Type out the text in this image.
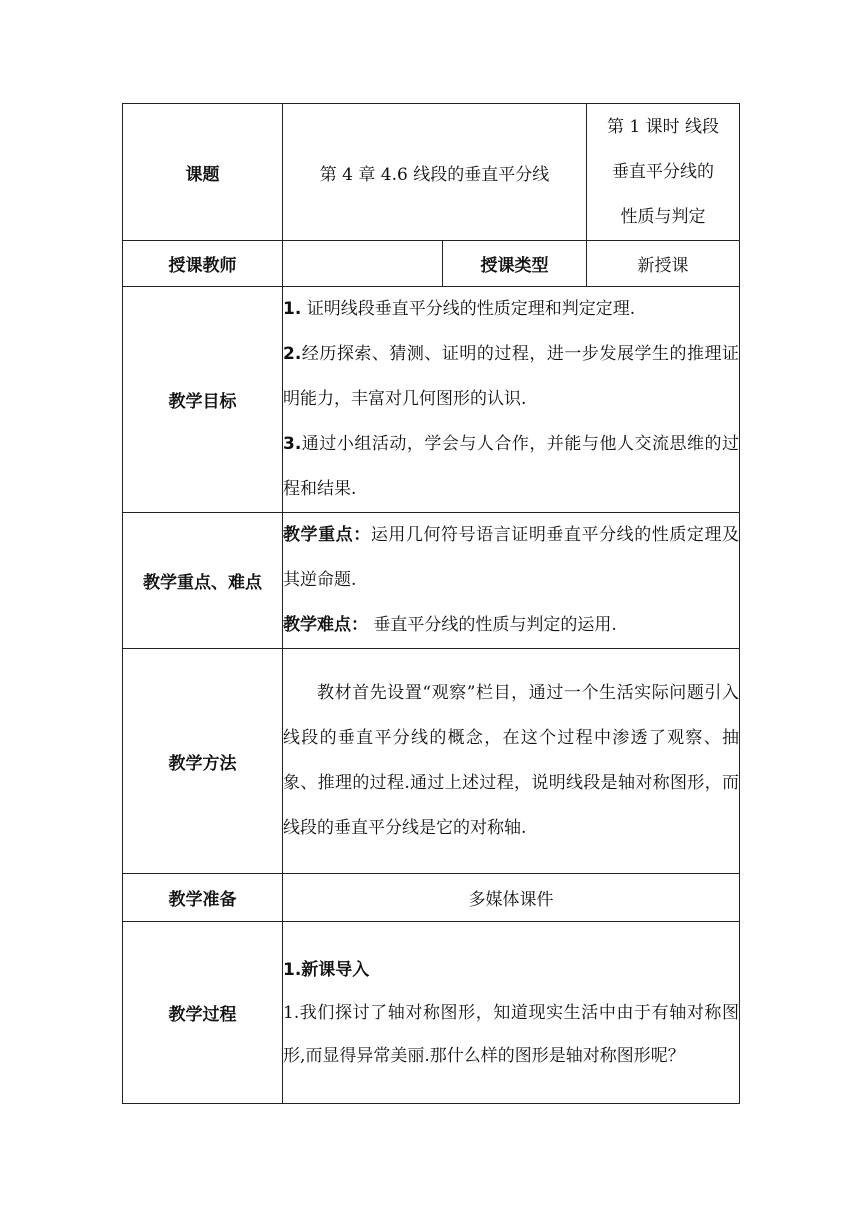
课题	第 4 章 4.6 线段的垂直平分线		第 1 课时 线段
垂直平分线的
性质与判定

授课教师		授课类型	新授课
教学目标	1. 证明线段垂直平分线的性质定理和判定定理.

2.经历探索、猜测、证明的过程，进一步发展学生的推理证明能力，丰富对几何图形的认识.

3.通过小组活动，学会与人合作，并能与他人交流思维的过程和结果.		

教学重点、难点	教学重点：运用几何符号语言证明垂直平分线的性质定理及其逆命题.

教学难点： 垂直平分线的性质与判定的运用.		

教学方法	教材首先设置“观察”栏目，通过一个生活实际问题引入线段的垂直平分线的概念，在这个过程中渗透了观察、抽象、推理的过程.通过上述过程，说明线段是轴对称图形，而线段的垂直平分线是它的对称轴.		

教学准备	多媒体课件		
教学过程	1.新课导入

1.我们探讨了轴对称图形，知道现实生活中由于有轴对称图形,而显得异常美丽.那什么样的图形是轴对称图形呢？		
